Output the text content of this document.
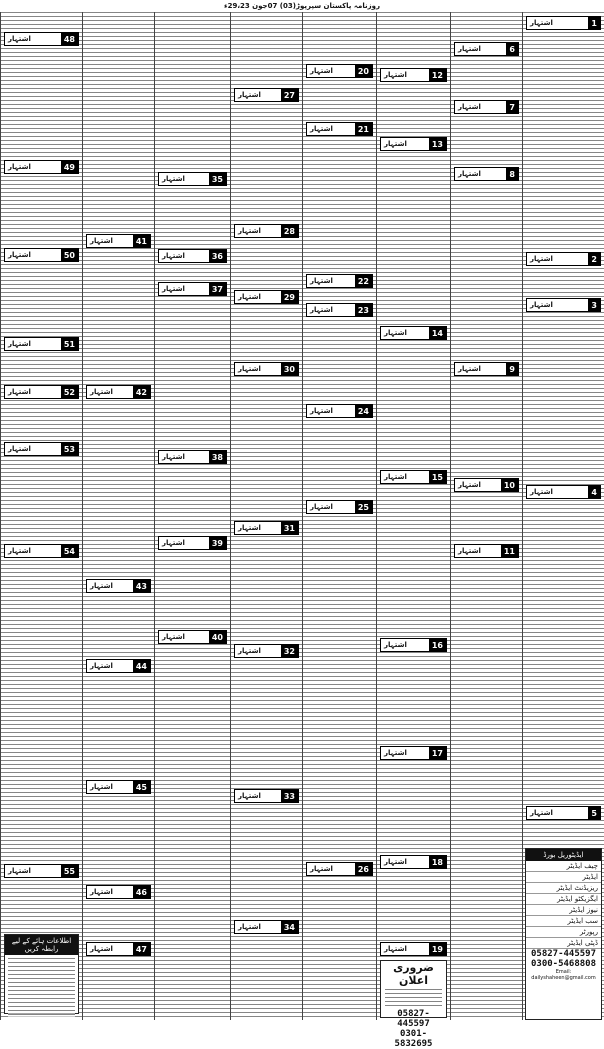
روزنامہ پاکستان سپرپوڑ(03) 07جون 29،23ء
اشتہار	48
اشتہار	49
اشتہار	50
اشتہار	51
اشتہار	52
اشتہار	53
اشتہار	54
اشتہار	55
اطلاعات ہائے کے لیے رابطہ کریں
اشتہار	41
اشتہار	42
اشتہار	43
اشتہار	44
اشتہار	45
اشتہار	46
اشتہار	47
اشتہار	35
اشتہار	36
اشتہار	37
اشتہار	38
اشتہار	39
اشتہار	40
اشتہار	27
اشتہار	28
اشتہار	29
اشتہار	30
اشتہار	31
اشتہار	32
اشتہار	33
اشتہار	34
اشتہار	20
اشتہار	21
اشتہار	22
اشتہار	23
اشتہار	24
اشتہار	25
اشتہار	26
اشتہار	12
اشتہار	13
اشتہار	14
اشتہار	15
اشتہار	16
اشتہار	17
اشتہار	18
اشتہار	19
ضروری اعلان
05827-445597
0301-5832695
اشتہار	6
اشتہار	7
اشتہار	8
اشتہار	9
اشتہار	10
اشتہار	11
اشتہار	1
اشتہار	2
اشتہار	3
اشتہار	4
اشتہار	5
ایڈیٹوریل بورڈ
چیف ایڈیٹر
ایڈیٹر
ریزیڈنٹ ایڈیٹر
ایگزیکٹو ایڈیٹر
نیوز ایڈیٹر
سب ایڈیٹر
رپورٹر
ڈپٹی ایڈیٹر
05827-445597
0300-5468808
Email: dailyshaheen@gmail.com
